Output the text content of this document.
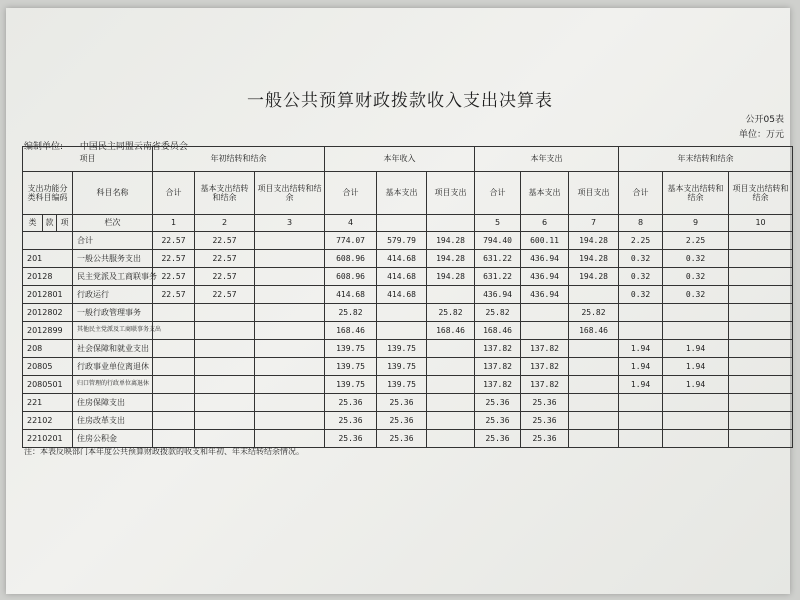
一般公共预算财政拨款收入支出决算表
公开05表
单位：万元
编制单位: 中国民主同盟云南省委员会
项目				年初结转和结余			本年收入			本年支出			年末结转和结余		
支出功能分类科目编码			科目名称	合计	基本支出结转和结余	项目支出结转和结余	合计	基本支出	项目支出	合计	基本支出	项目支出	合计	基本支出结转和结余	项目支出结转和结余
类	款	项	栏次	1	2	3	4			5	6	7	8	9	10
			合计	22.57	22.57		774.07	579.79	194.28	794.40	600.11	194.28	2.25	2.25	
201			一般公共服务支出	22.57	22.57		608.96	414.68	194.28	631.22	436.94	194.28	0.32	0.32	
20128			民主党派及工商联事务	22.57	22.57		608.96	414.68	194.28	631.22	436.94	194.28	0.32	0.32	
2012801			行政运行	22.57	22.57		414.68	414.68		436.94	436.94		0.32	0.32	
2012802			一般行政管理事务				25.82		25.82	25.82		25.82			
2012899			其他民主党派及工商联事务支出				168.46		168.46	168.46		168.46			
208			社会保障和就业支出				139.75	139.75		137.82	137.82		1.94	1.94	
20805			行政事业单位离退休				139.75	139.75		137.82	137.82		1.94	1.94	
2080501			归口管理的行政单位离退休				139.75	139.75		137.82	137.82		1.94	1.94	
221			住房保障支出				25.36	25.36		25.36	25.36				
22102			住房改革支出				25.36	25.36		25.36	25.36				
2210201			住房公积金				25.36	25.36		25.36	25.36				
注：本表反映部门本年度公共预算财政拨款的收支和年初、年末结转结余情况。
